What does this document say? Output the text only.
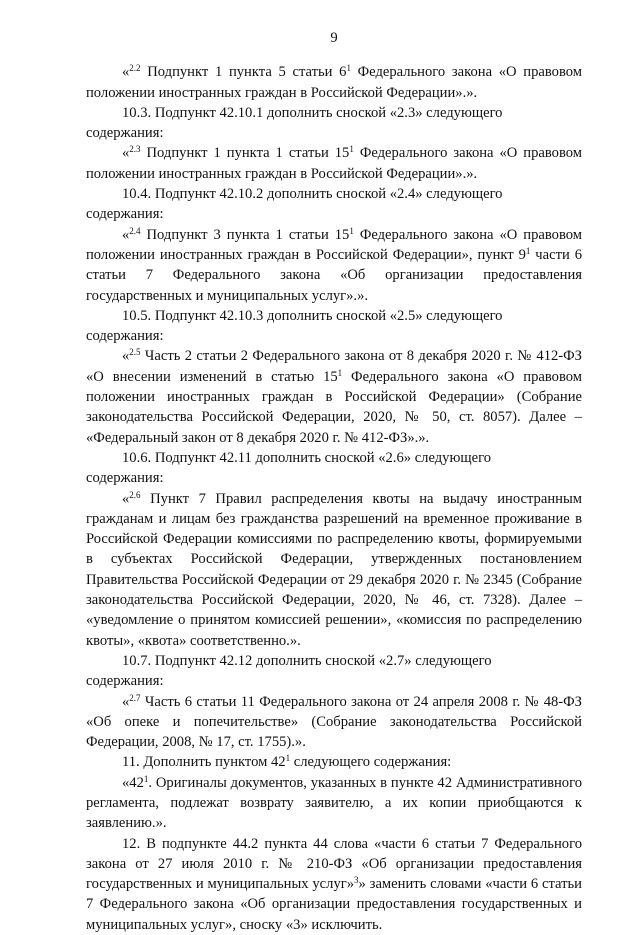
9

«$^{2.2}$ Подпункт 1 пункта 5 статьи $6^1$ Федерального закона «О правовом положении иностранных граждан в Российской Федерации».».

10.3. Подпункт 42.10.1 дополнить сноской «2.3» следующего

содержания:

«$^{2.3}$ Подпункт 1 пункта 1 статьи $15^1$ Федерального закона «О правовом положении иностранных граждан в Российской Федерации».».

10.4. Подпункт 42.10.2 дополнить сноской «2.4» следующего

содержания:

«$^{2.4}$ Подпункт 3 пункта 1 статьи $15^1$ Федерального закона «О правовом положении иностранных граждан в Российской Федерации», пункт $9^1$ части 6 статьи 7 Федерального закона «Об организации предоставления государственных и муниципальных услуг».».

10.5. Подпункт 42.10.3 дополнить сноской «2.5» следующего

содержания:

«$^{2.5}$ Часть 2 статьи 2 Федерального закона от 8 декабря 2020 г. № 412-ФЗ «О внесении изменений в статью $15^1$ Федерального закона «О правовом положении иностранных граждан в Российской Федерации» (Собрание законодательства Российской Федерации, 2020, № 50, ст. 8057). Далее – «Федеральный закон от 8 декабря 2020 г. № 412-ФЗ».».

10.6. Подпункт 42.11 дополнить сноской «2.6» следующего

содержания:

«$^{2.6}$ Пункт 7 Правил распределения квоты на выдачу иностранным гражданам и лицам без гражданства разрешений на временное проживание в Российской Федерации комиссиями по распределению квоты, формируемыми в субъектах Российской Федерации, утвержденных постановлением Правительства Российской Федерации от 29 декабря 2020 г. № 2345 (Собрание законодательства Российской Федерации, 2020, № 46, ст. 7328). Далее – «уведомление о принятом комиссией решении», «комиссия по распределению квоты», «квота» соответственно.».

10.7. Подпункт 42.12 дополнить сноской «2.7» следующего

содержания:

«$^{2.7}$ Часть 6 статьи 11 Федерального закона от 24 апреля 2008 г. № 48-ФЗ «Об опеке и попечительстве» (Собрание законодательства Российской Федерации, 2008, № 17, ст. 1755).».

11. Дополнить пунктом $42^1$ следующего содержания:

«$42^1$. Оригиналы документов, указанных в пункте 42 Административного регламента, подлежат возврату заявителю, а их копии приобщаются к заявлению.».

12. В подпункте 44.2 пункта 44 слова «части 6 статьи 7 Федерального закона от 27 июля 2010 г. № 210-ФЗ «Об организации предоставления государственных и муниципальных услуг»$^3$» заменить словами «части 6 статьи 7 Федерального закона «Об организации предоставления государственных и муниципальных услуг», сноску «3» исключить.
